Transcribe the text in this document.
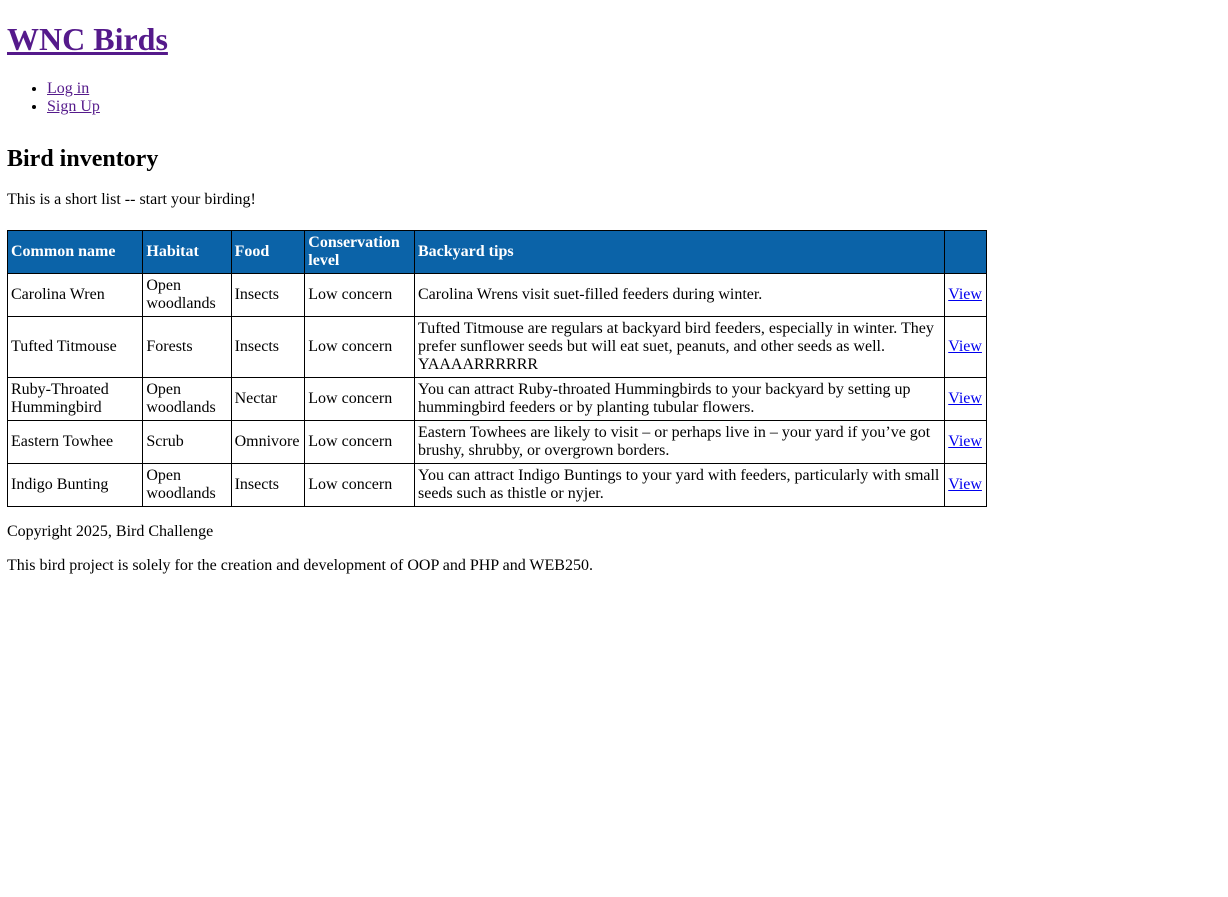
WNC Birds
• Log in
• Sign Up
Bird inventory

This is a short list -- start your birding!

Common name	Habitat	Food	Conservation level	Backyard tips	
Carolina Wren	Open woodlands	Insects	Low concern	Carolina Wrens visit suet-filled feeders during winter.	View
Tufted Titmouse	Forests	Insects	Low concern	Tufted Titmouse are regulars at backyard bird feeders, especially in winter. They prefer sunflower seeds but will eat suet, peanuts, and other seeds as well. YAAAARRRRRR	View
Ruby-Throated Hummingbird	Open woodlands	Nectar	Low concern	You can attract Ruby-throated Hummingbirds to your backyard by setting up hummingbird feeders or by planting tubular flowers.	View
Eastern Towhee	Scrub	Omnivore	Low concern	Eastern Towhees are likely to visit – or perhaps live in – your yard if you’ve got brushy, shrubby, or overgrown borders.	View
Indigo Bunting	Open woodlands	Insects	Low concern	You can attract Indigo Buntings to your yard with feeders, particularly with small seeds such as thistle or nyjer.	View

Copyright 2025, Bird Challenge

This bird project is solely for the creation and development of OOP and PHP and WEB250.
